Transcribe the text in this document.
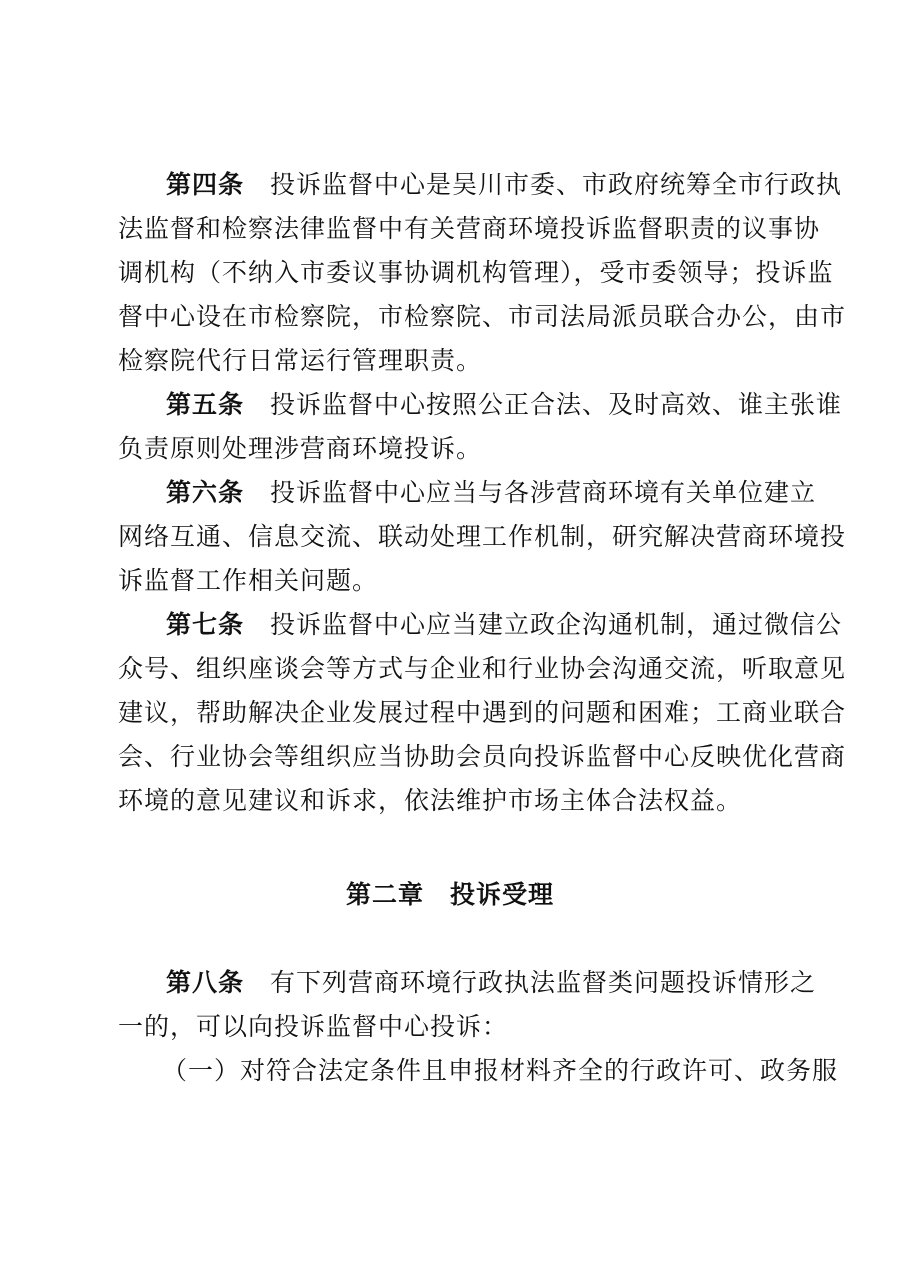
第四条 投诉监督中心是吴川市委、市政府统筹全市行政执
法监督和检察法律监督中有关营商环境投诉监督职责的议事协
调机构（不纳入市委议事协调机构管理），受市委领导；投诉监
督中心设在市检察院，市检察院、市司法局派员联合办公，由市
检察院代行日常运行管理职责。
第五条 投诉监督中心按照公正合法、及时高效、谁主张谁
负责原则处理涉营商环境投诉。
第六条 投诉监督中心应当与各涉营商环境有关单位建立
网络互通、信息交流、联动处理工作机制，研究解决营商环境投
诉监督工作相关问题。
第七条 投诉监督中心应当建立政企沟通机制，通过微信公
众号、组织座谈会等方式与企业和行业协会沟通交流，听取意见
建议，帮助解决企业发展过程中遇到的问题和困难；工商业联合
会、行业协会等组织应当协助会员向投诉监督中心反映优化营商
环境的意见建议和诉求，依法维护市场主体合法权益。
第二章　投诉受理
第八条 有下列营商环境行政执法监督类问题投诉情形之
一的，可以向投诉监督中心投诉：
（一）对符合法定条件且申报材料齐全的行政许可、政务服
